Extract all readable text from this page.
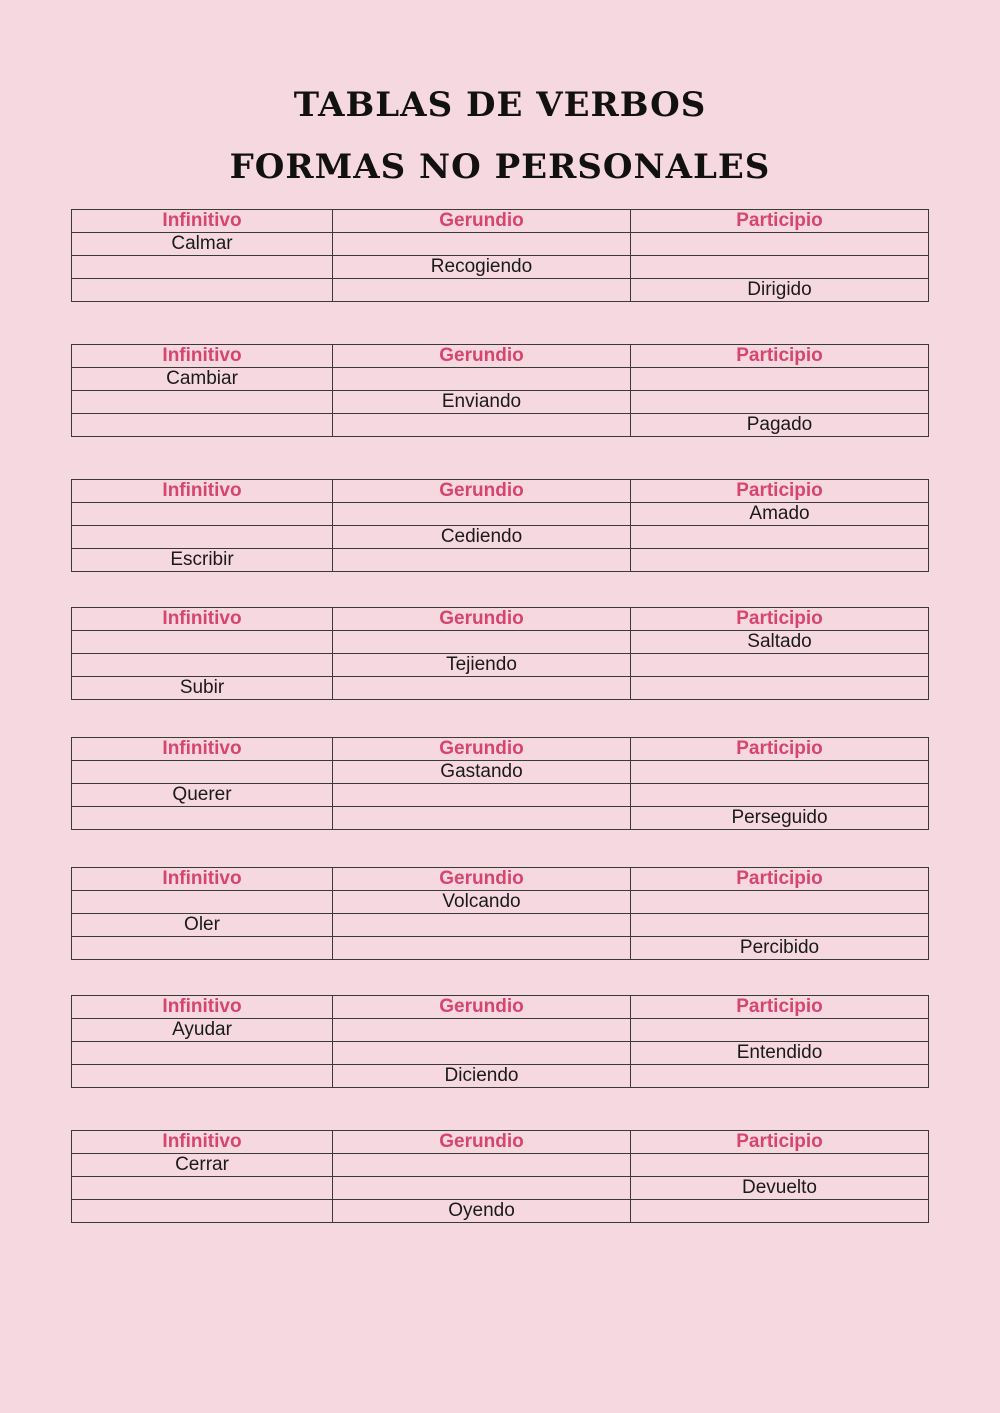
TABLAS DE VERBOS
FORMAS NO PERSONALES
Infinitivo	Gerundio	Participio
Calmar		
	Recogiendo	
		Dirigido
Infinitivo	Gerundio	Participio
Cambiar		
	Enviando	
		Pagado
Infinitivo	Gerundio	Participio
		Amado
	Cediendo	
Escribir		
Infinitivo	Gerundio	Participio
		Saltado
	Tejiendo	
Subir		
Infinitivo	Gerundio	Participio
	Gastando	
Querer		
		Perseguido
Infinitivo	Gerundio	Participio
	Volcando	
Oler		
		Percibido
Infinitivo	Gerundio	Participio
Ayudar		
		Entendido
	Diciendo	
Infinitivo	Gerundio	Participio
Cerrar		
		Devuelto
	Oyendo	
